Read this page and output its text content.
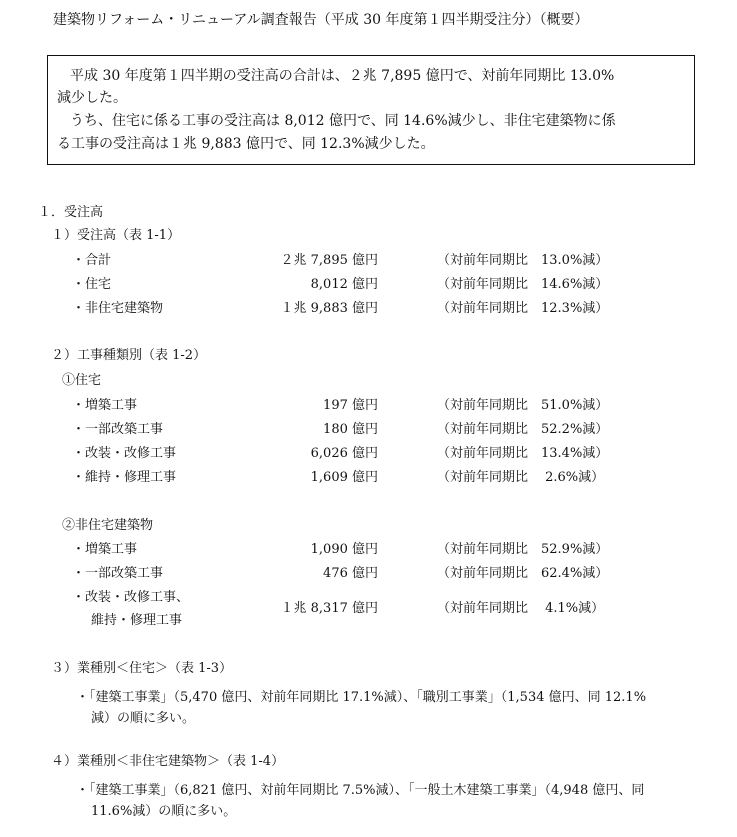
建築物リフォーム・リニューアル調査報告（平成 30 年度第１四半期受注分）（概要）
平成 30 年度第１四半期の受注高の合計は、２兆 7,895 億円で、対前年同期比 13.0%
減少した。
うち、住宅に係る工事の受注高は 8,012 億円で、同 14.6%減少し、非住宅建築物に係
る工事の受注高は１兆 9,883 億円で、同 12.3%減少した。
１．受注高
１）受注高（表 1-1）
・合計	２兆 7,895 億円	（対前年同期比　13.0%減）
・住宅	8,012 億円	（対前年同期比　14.6%減）
・非住宅建築物	１兆 9,883 億円	（対前年同期比　12.3%減）
２）工事種類別（表 1-2）
①住宅
・増築工事	197 億円	（対前年同期比　51.0%減）
・一部改築工事	180 億円	（対前年同期比　52.2%減）
・改装・改修工事	6,026 億円	（対前年同期比　13.4%減）
・維持・修理工事	1,609 億円	（対前年同期比　 2.6%減）
②非住宅建築物
・増築工事	1,090 億円	（対前年同期比　52.9%減）
・一部改築工事	476 億円	（対前年同期比　62.4%減）
・改装・改修工事、
維持・修理工事
１兆 8,317 億円	（対前年同期比　 4.1%減）
３）業種別＜住宅＞（表 1-3）
・「建築工事業」（5,470 億円、対前年同期比 17.1%減）、「職別工事業」（1,534 億円、同 12.1%
減）の順に多い。
４）業種別＜非住宅建築物＞（表 1-4）
・「建築工事業」（6,821 億円、対前年同期比 7.5%減）、「一般土木建築工事業」（4,948 億円、同
11.6%減）の順に多い。
